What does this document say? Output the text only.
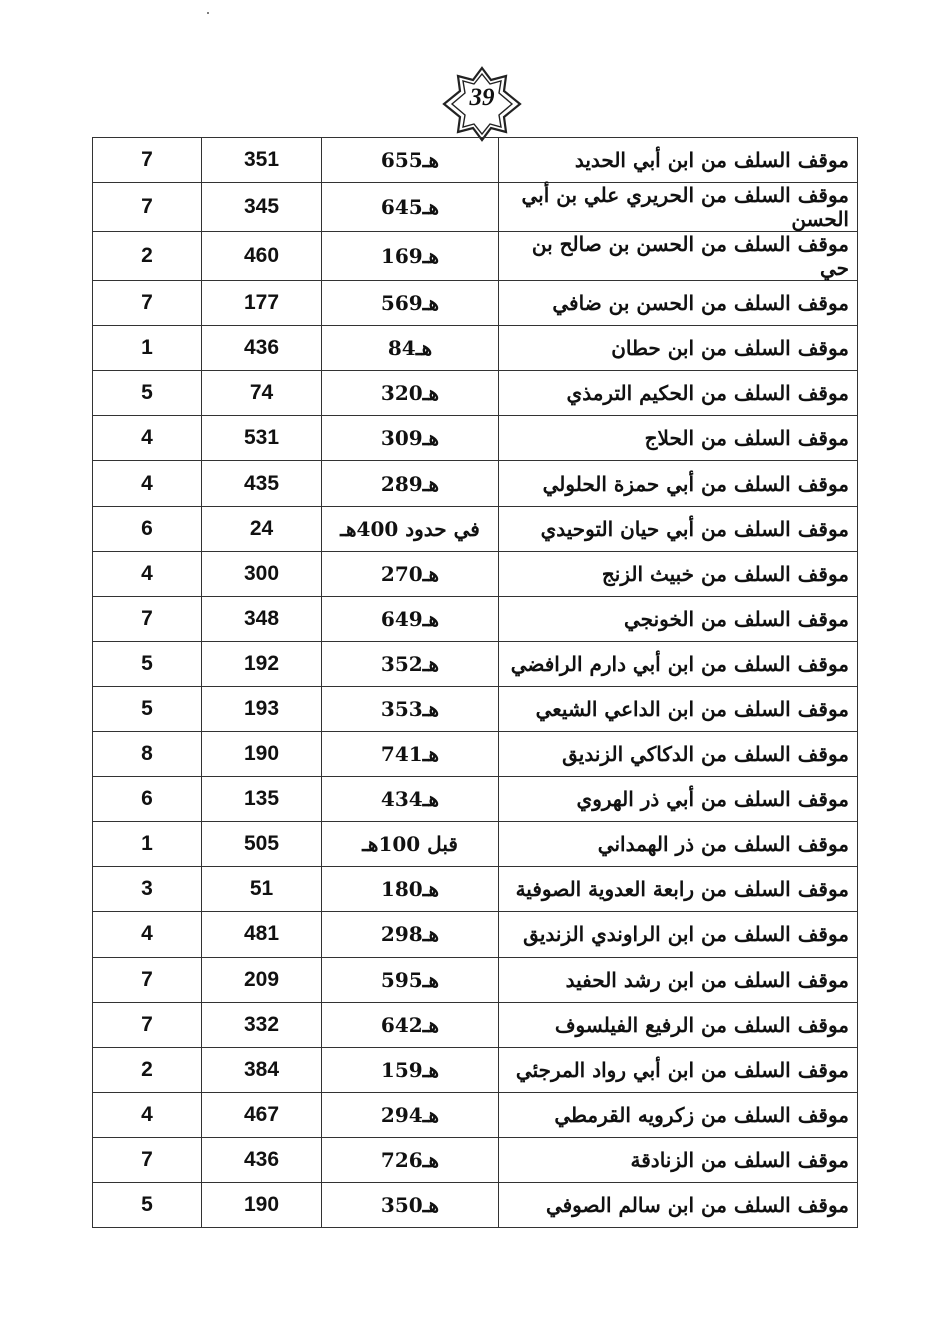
39
7	351	655هـ	موقف السلف من ابن أبي الحديد
7	345	645هـ	موقف السلف من الحريري علي بن أبي الحسن
2	460	169هـ	موقف السلف من الحسن بن صالح بن حي
7	177	569هـ	موقف السلف من الحسن بن ضافي
1	436	84هـ	موقف السلف من ابن حطان
5	74	320هـ	موقف السلف من الحكيم الترمذي
4	531	309هـ	موقف السلف من الحلاج
4	435	289هـ	موقف السلف من أبي حمزة الحلولي
6	24	في حدود 400هـ	موقف السلف من أبي حيان التوحيدي
4	300	270هـ	موقف السلف من خبيث الزنج
7	348	649هـ	موقف السلف من الخونجي
5	192	352هـ	موقف السلف من ابن أبي دارم الرافضي
5	193	353هـ	موقف السلف من ابن الداعي الشيعي
8	190	741هـ	موقف السلف من الدكاكي الزنديق
6	135	434هـ	موقف السلف من أبي ذر الهروي
1	505	قبل 100هـ	موقف السلف من ذر الهمداني
3	51	180هـ	موقف السلف من رابعة العدوية الصوفية
4	481	298هـ	موقف السلف من ابن الراوندي الزنديق
7	209	595هـ	موقف السلف من ابن رشد الحفيد
7	332	642هـ	موقف السلف من الرفيع الفيلسوف
2	384	159هـ	موقف السلف من ابن أبي رواد المرجئي
4	467	294هـ	موقف السلف من زكرويه القرمطي
7	436	726هـ	موقف السلف من الزنادقة
5	190	350هـ	موقف السلف من ابن سالم الصوفي
